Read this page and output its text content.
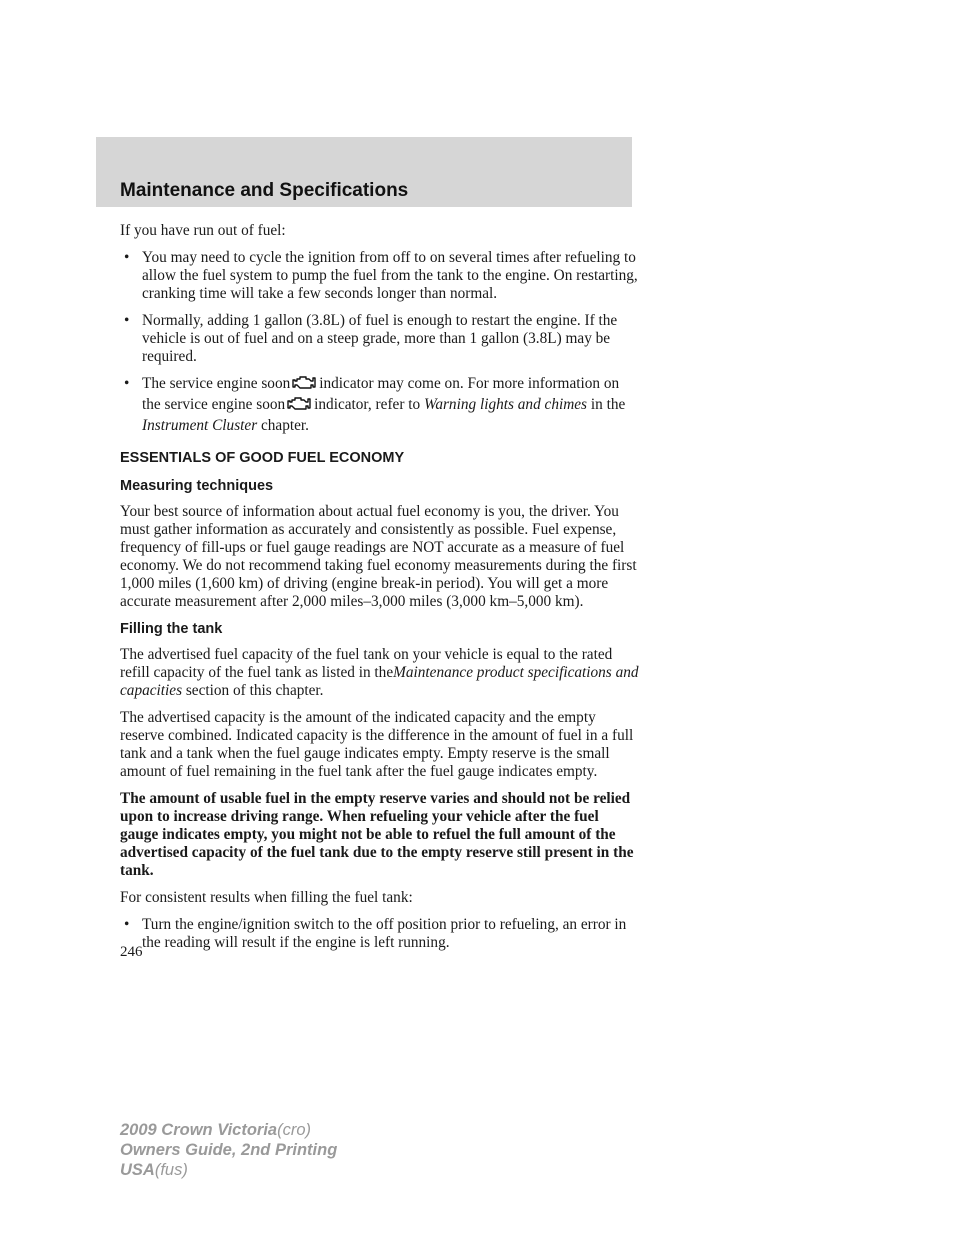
Maintenance and Specifications

If you have run out of fuel:

• You may need to cycle the ignition from off to on several times after refueling to allow the fuel system to pump the fuel from the tank to the engine. On restarting, cranking time will take a few seconds longer than normal.
• Normally, adding 1 gallon (3.8L) of fuel is enough to restart the engine. If the vehicle is out of fuel and on a steep grade, more than 1 gallon (3.8L) may be required.
• The service engine soon indicator may come on. For more information on the service engine soon indicator, refer to Warning lights and chimes in the Instrument Cluster chapter.
ESSENTIALS OF GOOD FUEL ECONOMY
Measuring techniques

Your best source of information about actual fuel economy is you, the driver. You must gather information as accurately and consistently as possible. Fuel expense, frequency of fill-ups or fuel gauge readings are NOT accurate as a measure of fuel economy. We do not recommend taking fuel economy measurements during the first 1,000 miles (1,600 km) of driving (engine break-in period). You will get a more accurate measurement after 2,000 miles–3,000 miles (3,000 km–5,000 km).

Filling the tank

The advertised fuel capacity of the fuel tank on your vehicle is equal to the rated refill capacity of the fuel tank as listed in theMaintenance product specifications and capacities section of this chapter.

The advertised capacity is the amount of the indicated capacity and the empty reserve combined. Indicated capacity is the difference in the amount of fuel in a full tank and a tank when the fuel gauge indicates empty. Empty reserve is the small amount of fuel remaining in the fuel tank after the fuel gauge indicates empty.

The amount of usable fuel in the empty reserve varies and should not be relied upon to increase driving range. When refueling your vehicle after the fuel gauge indicates empty, you might not be able to refuel the full amount of the advertised capacity of the fuel tank due to the empty reserve still present in the tank.

For consistent results when filling the fuel tank:

• Turn the engine/ignition switch to the off position prior to refueling, an error in the reading will result if the engine is left running.
246
2009 Crown Victoria(cro)
Owners Guide, 2nd Printing
USA(fus)
